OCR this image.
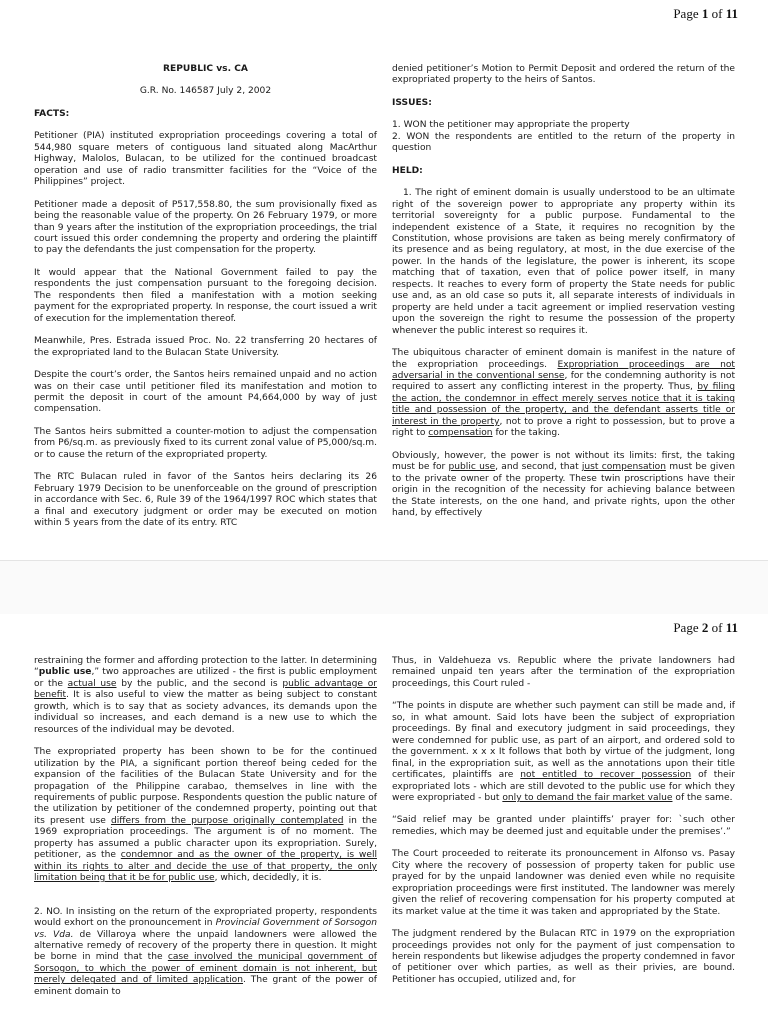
Page 1 of 11

REPUBLIC vs. CA

G.R. No. 146587 July 2, 2002

FACTS:

Petitioner (PIA) instituted expropriation proceedings covering a total of 544,980 square meters of contiguous land situated along MacArthur Highway, Malolos, Bulacan, to be utilized for the continued broadcast operation and use of radio transmitter facilities for the “Voice of the Philippines” project.

Petitioner made a deposit of P517,558.80, the sum provisionally fixed as being the reasonable value of the property. On 26 February 1979, or more than 9 years after the institution of the expropriation proceedings, the trial court issued this order condemning the property and ordering the plaintiff to pay the defendants the just compensation for the property.

It would appear that the National Government failed to pay the respondents the just compensation pursuant to the foregoing decision. The respondents then filed a manifestation with a motion seeking payment for the expropriated property. In response, the court issued a writ of execution for the implementation thereof.

Meanwhile, Pres. Estrada issued Proc. No. 22 transferring 20 hectares of the expropriated land to the Bulacan State University.

Despite the court’s order, the Santos heirs remained unpaid and no action was on their case until petitioner filed its manifestation and motion to permit the deposit in court of the amount P4,664,000 by way of just compensation.

The Santos heirs submitted a counter-motion to adjust the compensation from P6/sq.m. as previously fixed to its current zonal value of P5,000/sq.m. or to cause the return of the expropriated property.

The RTC Bulacan ruled in favor of the Santos heirs declaring its 26 February 1979 Decision to be unenforceable on the ground of prescription in accordance with Sec. 6, Rule 39 of the 1964/1997 ROC which states that a final and executory judgment or order may be executed on motion within 5 years from the date of its entry. RTC

denied petitioner’s Motion to Permit Deposit and ordered the return of the expropriated property to the heirs of Santos.

ISSUES:

1. WON the petitioner may appropriate the property

2. WON the respondents are entitled to the return of the property in question

HELD:

1. The right of eminent domain is usually understood to be an ultimate right of the sovereign power to appropriate any property within its territorial sovereignty for a public purpose. Fundamental to the independent existence of a State, it requires no recognition by the Constitution, whose provisions are taken as being merely confirmatory of its presence and as being regulatory, at most, in the due exercise of the power. In the hands of the legislature, the power is inherent, its scope matching that of taxation, even that of police power itself, in many respects. It reaches to every form of property the State needs for public use and, as an old case so puts it, all separate interests of individuals in property are held under a tacit agreement or implied reservation vesting upon the sovereign the right to resume the possession of the property whenever the public interest so requires it.

The ubiquitous character of eminent domain is manifest in the nature of the expropriation proceedings. Expropriation proceedings are not adversarial in the conventional sense, for the condemning authority is not required to assert any conflicting interest in the property. Thus, by filing the action, the condemnor in effect merely serves notice that it is taking title and possession of the property, and the defendant asserts title or interest in the property, not to prove a right to possession, but to prove a right to compensation for the taking.

Obviously, however, the power is not without its limits: first, the taking must be for public use, and second, that just compensation must be given to the private owner of the property. These twin proscriptions have their origin in the recognition of the necessity for achieving balance between the State interests, on the one hand, and private rights, upon the other hand, by effectively

Page 2 of 11

restraining the former and affording protection to the latter. In determining “public use,” two approaches are utilized - the first is public employment or the actual use by the public, and the second is public advantage or benefit. It is also useful to view the matter as being subject to constant growth, which is to say that as society advances, its demands upon the individual so increases, and each demand is a new use to which the resources of the individual may be devoted.

The expropriated property has been shown to be for the continued utilization by the PIA, a significant portion thereof being ceded for the expansion of the facilities of the Bulacan State University and for the propagation of the Philippine carabao, themselves in line with the requirements of public purpose. Respondents question the public nature of the utilization by petitioner of the condemned property, pointing out that its present use differs from the purpose originally contemplated in the 1969 expropriation proceedings. The argument is of no moment. The property has assumed a public character upon its expropriation. Surely, petitioner, as the condemnor and as the owner of the property, is well within its rights to alter and decide the use of that property, the only limitation being that it be for public use, which, decidedly, it is.

2. NO. In insisting on the return of the expropriated property, respondents would exhort on the pronouncement in Provincial Government of Sorsogon vs. Vda. de Villaroya where the unpaid landowners were allowed the alternative remedy of recovery of the property there in question. It might be borne in mind that the case involved the municipal government of Sorsogon, to which the power of eminent domain is not inherent, but merely delegated and of limited application. The grant of the power of eminent domain to

Thus, in Valdehueza vs. Republic where the private landowners had remained unpaid ten years after the termination of the expropriation proceedings, this Court ruled -

“The points in dispute are whether such payment can still be made and, if so, in what amount. Said lots have been the subject of expropriation proceedings. By final and executory judgment in said proceedings, they were condemned for public use, as part of an airport, and ordered sold to the government. x x x It follows that both by virtue of the judgment, long final, in the expropriation suit, as well as the annotations upon their title certificates, plaintiffs are not entitled to recover possession of their expropriated lots - which are still devoted to the public use for which they were expropriated - but only to demand the fair market value of the same.

“Said relief may be granted under plaintiffs’ prayer for: `such other remedies, which may be deemed just and equitable under the premises’.”

The Court proceeded to reiterate its pronouncement in Alfonso vs. Pasay City where the recovery of possession of property taken for public use prayed for by the unpaid landowner was denied even while no requisite expropriation proceedings were first instituted. The landowner was merely given the relief of recovering compensation for his property computed at its market value at the time it was taken and appropriated by the State.

The judgment rendered by the Bulacan RTC in 1979 on the expropriation proceedings provides not only for the payment of just compensation to herein respondents but likewise adjudges the property condemned in favor of petitioner over which parties, as well as their privies, are bound. Petitioner has occupied, utilized and, for
